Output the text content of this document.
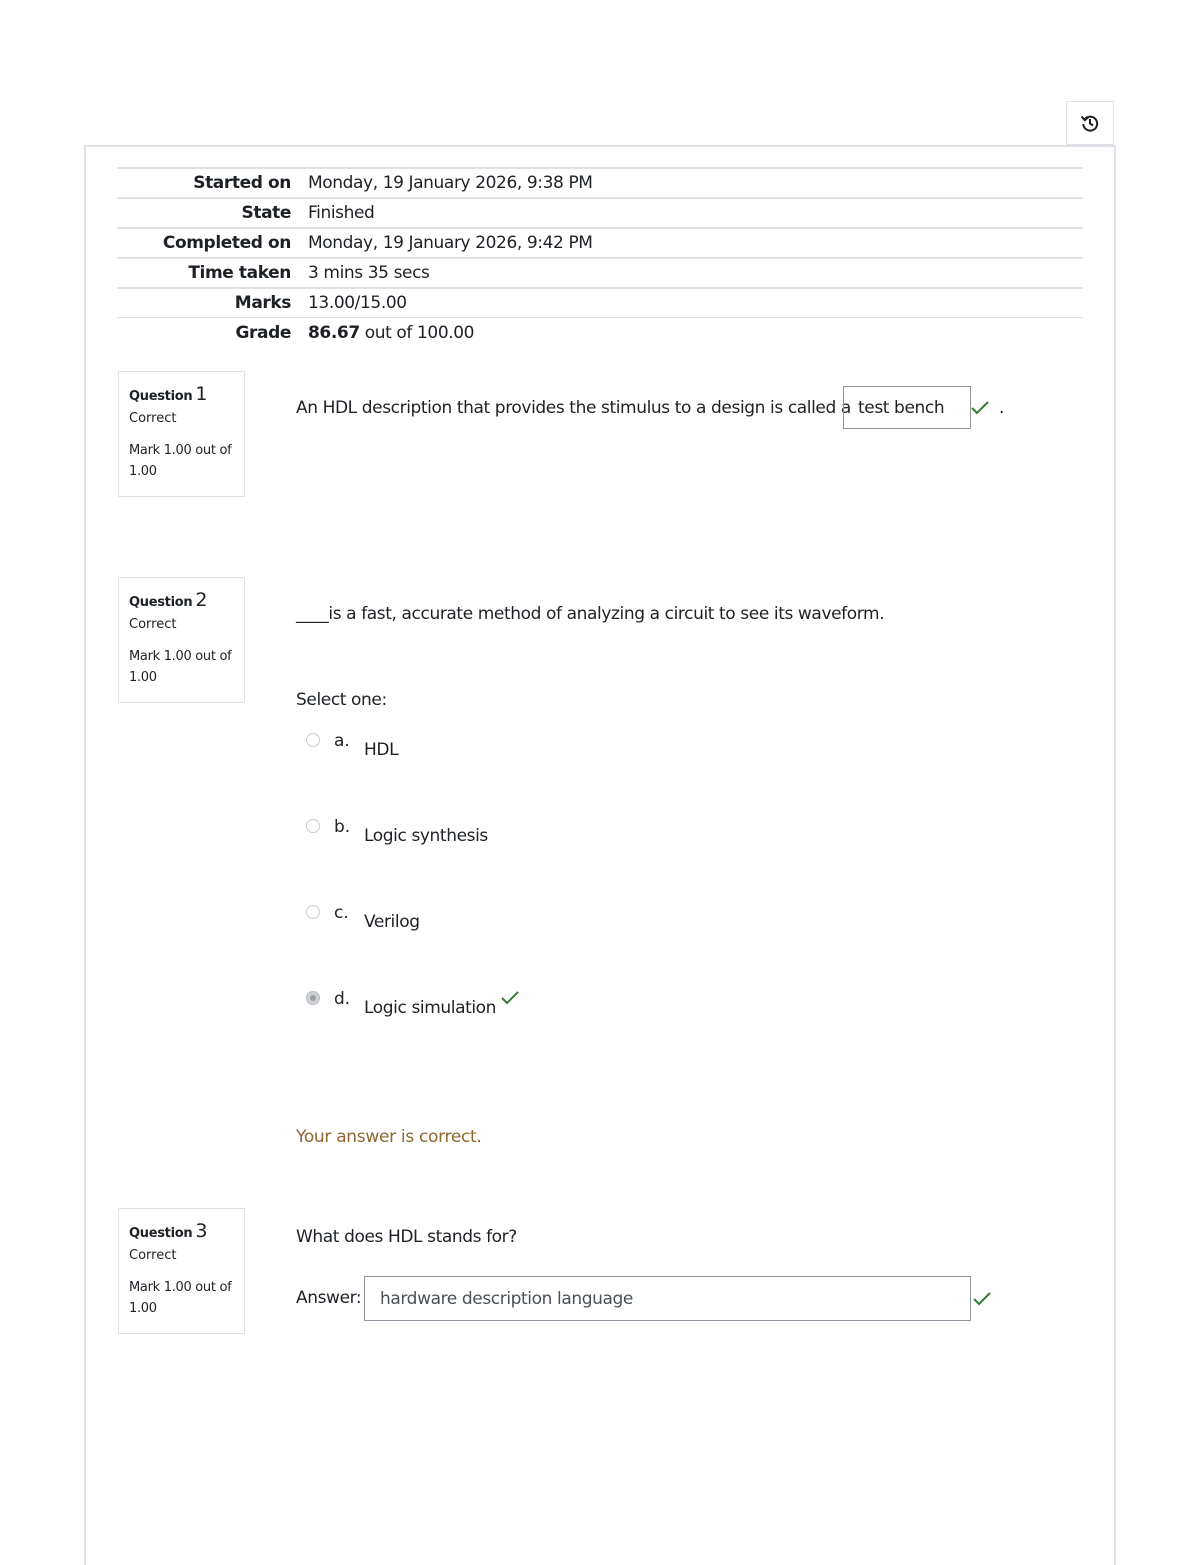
Started on Monday, 19 January 2026, 9:38 PM
State Finished
Completed on Monday, 19 January 2026, 9:42 PM
Time taken 3 mins 35 secs
Marks 13.00/15.00
Grade 86.67 out of 100.00
Question 1
Correct
Mark 1.00 out of 1.00
An HDL description that provides the stimulus to a design is called a test bench	.
Question 2
Correct
Mark 1.00 out of 1.00
____is a fast, accurate method of analyzing a circuit to see its waveform.
Select one:
a. HDL
b. Logic synthesis
c. Verilog
d. Logic simulation
Your answer is correct.
Question 3
Correct
Mark 1.00 out of 1.00
What does HDL stands for?
Answer:	hardware description language
